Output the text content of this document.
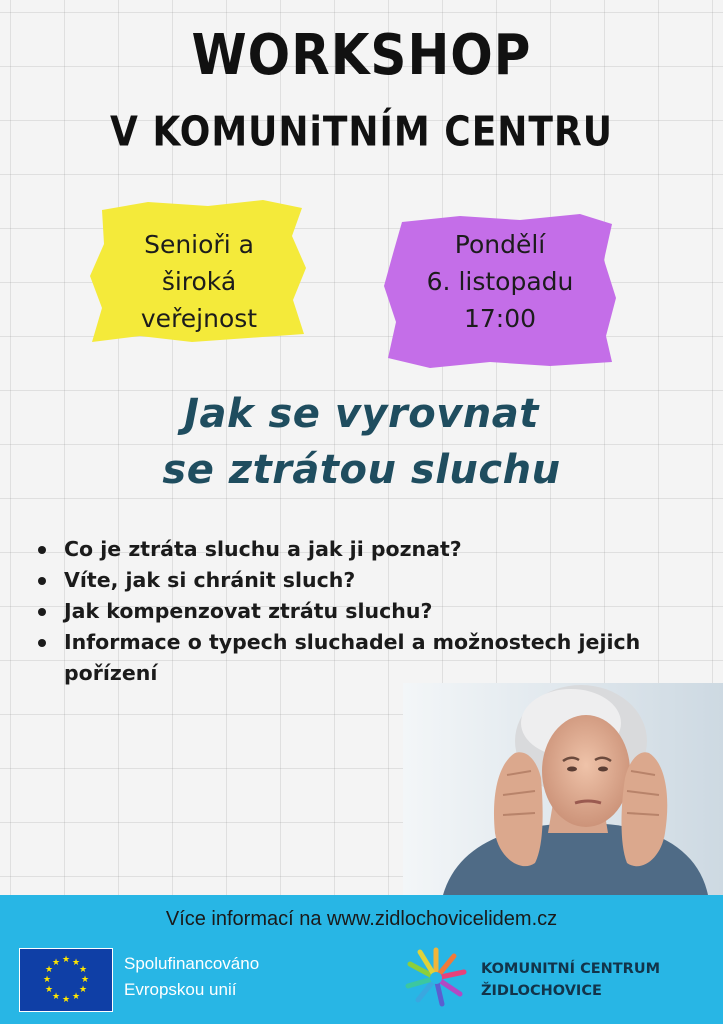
WORKSHOP
V KOMUNiTNÍM CENTRU
Senioři a
široká
veřejnost
Pondělí
6. listopadu
17:00
Jak se vyrovnat
se ztrátou sluchu
Co je ztráta sluchu a jak ji poznat?
Víte, jak si chránit sluch?
Jak kompenzovat ztrátu sluchu?
Informace o typech sluchadel a možnostech jejich pořízení
Více informací na www.zidlochovicelidem.cz
★ ★
★
★
★
★
★
★
★
★
★
★	Spolufinancováno
Evropskou unií
KOMUNITNÍ CENTRUM
ŽIDLOCHOVICE
